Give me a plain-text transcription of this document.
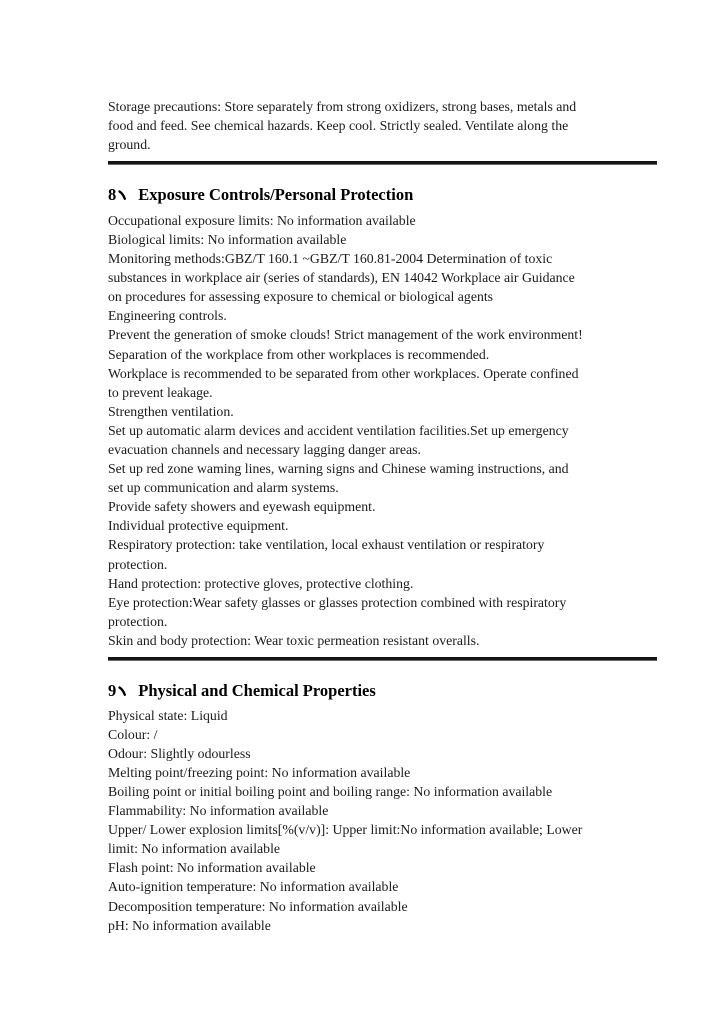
Storage precautions: Store separately from strong oxidizers, strong bases, metals and
food and feed. See chemical hazards. Keep cool. Strictly sealed. Ventilate along the
ground.
8 Exposure Controls/Personal Protection
Occupational exposure limits: No information available
Biological limits: No information available
Monitoring methods:GBZ/T 160.1 ~GBZ/T 160.81-2004 Determination of toxic
substances in workplace air (series of standards), EN 14042 Workplace air Guidance
on procedures for assessing exposure to chemical or biological agents
Engineering controls.
Prevent the generation of smoke clouds! Strict management of the work environment!
Separation of the workplace from other workplaces is recommended.
Workplace is recommended to be separated from other workplaces. Operate confined
to prevent leakage.
Strengthen ventilation.
Set up automatic alarm devices and accident ventilation facilities.Set up emergency
evacuation channels and necessary lagging danger areas.
Set up red zone waming lines, warning signs and Chinese waming instructions, and
set up communication and alarm systems.
Provide safety showers and eyewash equipment.
Individual protective equipment.
Respiratory protection: take ventilation, local exhaust ventilation or respiratory
protection.
Hand protection: protective gloves, protective clothing.
Eye protection:Wear safety glasses or glasses protection combined with respiratory
protection.
Skin and body protection: Wear toxic permeation resistant overalls.
9 Physical and Chemical Properties
Physical state: Liquid
Colour: /
Odour: Slightly odourless
Melting point/freezing point: No information available
Boiling point or initial boiling point and boiling range: No information available
Flammability: No information available
Upper/ Lower explosion limits[%(v/v)]: Upper limit:No information available; Lower
limit: No information available
Flash point: No information available
Auto-ignition temperature: No information available
Decomposition temperature: No information available
pH: No information available
